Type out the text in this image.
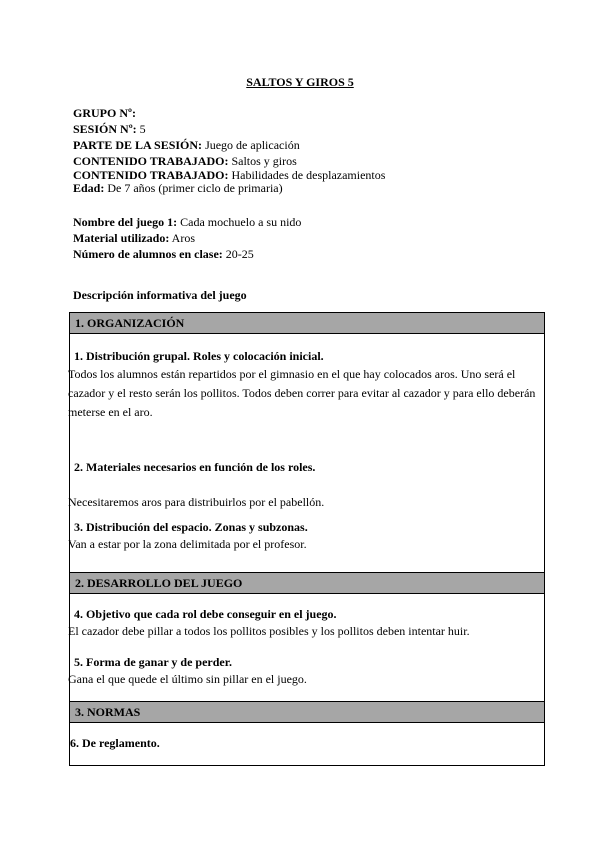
SALTOS Y GIROS 5
GRUPO Nº:
SESIÓN Nº: 5
PARTE DE LA SESIÓN: Juego de aplicación
CONTENIDO TRABAJADO: Saltos y giros
CONTENIDO TRABAJADO: Habilidades de desplazamientos
Edad: De 7 años (primer ciclo de primaria)
Nombre del juego 1: Cada mochuelo a su nido
Material utilizado: Aros
Número de alumnos en clase: 20-25
Descripción informativa del juego
1. ORGANIZACIÓN
1. Distribución grupal. Roles y colocación inicial.
Todos los alumnos están repartidos por el gimnasio en el que hay colocados aros. Uno será el cazador y el resto serán los pollitos. Todos deben correr para evitar al cazador y para ello deberán meterse en el aro.
2. Materiales necesarios en función de los roles.
Necesitaremos aros para distribuirlos por el pabellón.
3. Distribución del espacio. Zonas y subzonas.
Van a estar por la zona delimitada por el profesor.
2. DESARROLLO DEL JUEGO
4. Objetivo que cada rol debe conseguir en el juego.
El cazador debe pillar a todos los pollitos posibles y los pollitos deben intentar huir.
5. Forma de ganar y de perder.
Gana el que quede el último sin pillar en el juego.
3. NORMAS
6. De reglamento.
